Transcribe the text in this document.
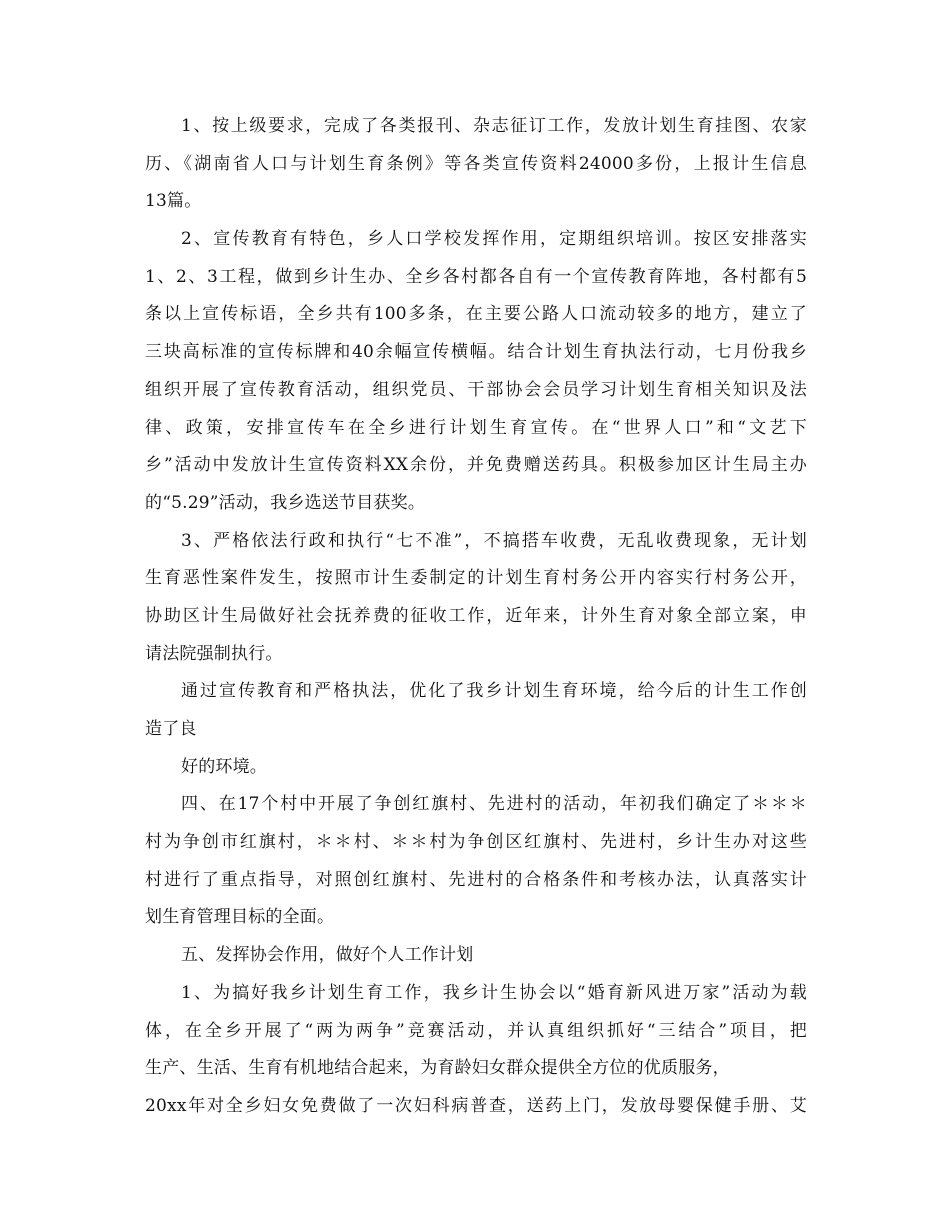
1、按上级要求，完成了各类报刊、杂志征订工作，发放计划生育挂图、农家
历、《湖南省人口与计划生育条例》等各类宣传资料24000多份，上报计生信息
13篇。
2、宣传教育有特色，乡人口学校发挥作用，定期组织培训。按区安排落实
1、2、3工程，做到乡计生办、全乡各村都各自有一个宣传教育阵地，各村都有5
条以上宣传标语，全乡共有100多条，在主要公路人口流动较多的地方，建立了
三块高标准的宣传标牌和40余幅宣传横幅。结合计划生育执法行动，七月份我乡
组织开展了宣传教育活动，组织党员、干部协会会员学习计划生育相关知识及法
律、政策，安排宣传车在全乡进行计划生育宣传。在“世界人口”和“文艺下
乡”活动中发放计生宣传资料XX余份，并免费赠送药具。积极参加区计生局主办
的“5.29”活动，我乡选送节目获奖。
3、严格依法行政和执行“七不准”，不搞搭车收费，无乱收费现象，无计划
生育恶性案件发生，按照市计生委制定的计划生育村务公开内容实行村务公开，
协助区计生局做好社会抚养费的征收工作，近年来，计外生育对象全部立案，申
请法院强制执行。
通过宣传教育和严格执法，优化了我乡计划生育环境，给今后的计生工作创
造了良
好的环境。
四、在17个村中开展了争创红旗村、先进村的活动，年初我们确定了＊＊＊
村为争创市红旗村，＊＊村、＊＊村为争创区红旗村、先进村，乡计生办对这些
村进行了重点指导，对照创红旗村、先进村的合格条件和考核办法，认真落实计
划生育管理目标的全面。
五、发挥协会作用，做好个人工作计划
1、为搞好我乡计划生育工作，我乡计生协会以“婚育新风进万家”活动为载
体，在全乡开展了“两为两争”竞赛活动，并认真组织抓好“三结合”项目，把
生产、生活、生育有机地结合起来，为育龄妇女群众提供全方位的优质服务，
20xx年对全乡妇女免费做了一次妇科病普查，送药上门，发放母婴保健手册、艾
